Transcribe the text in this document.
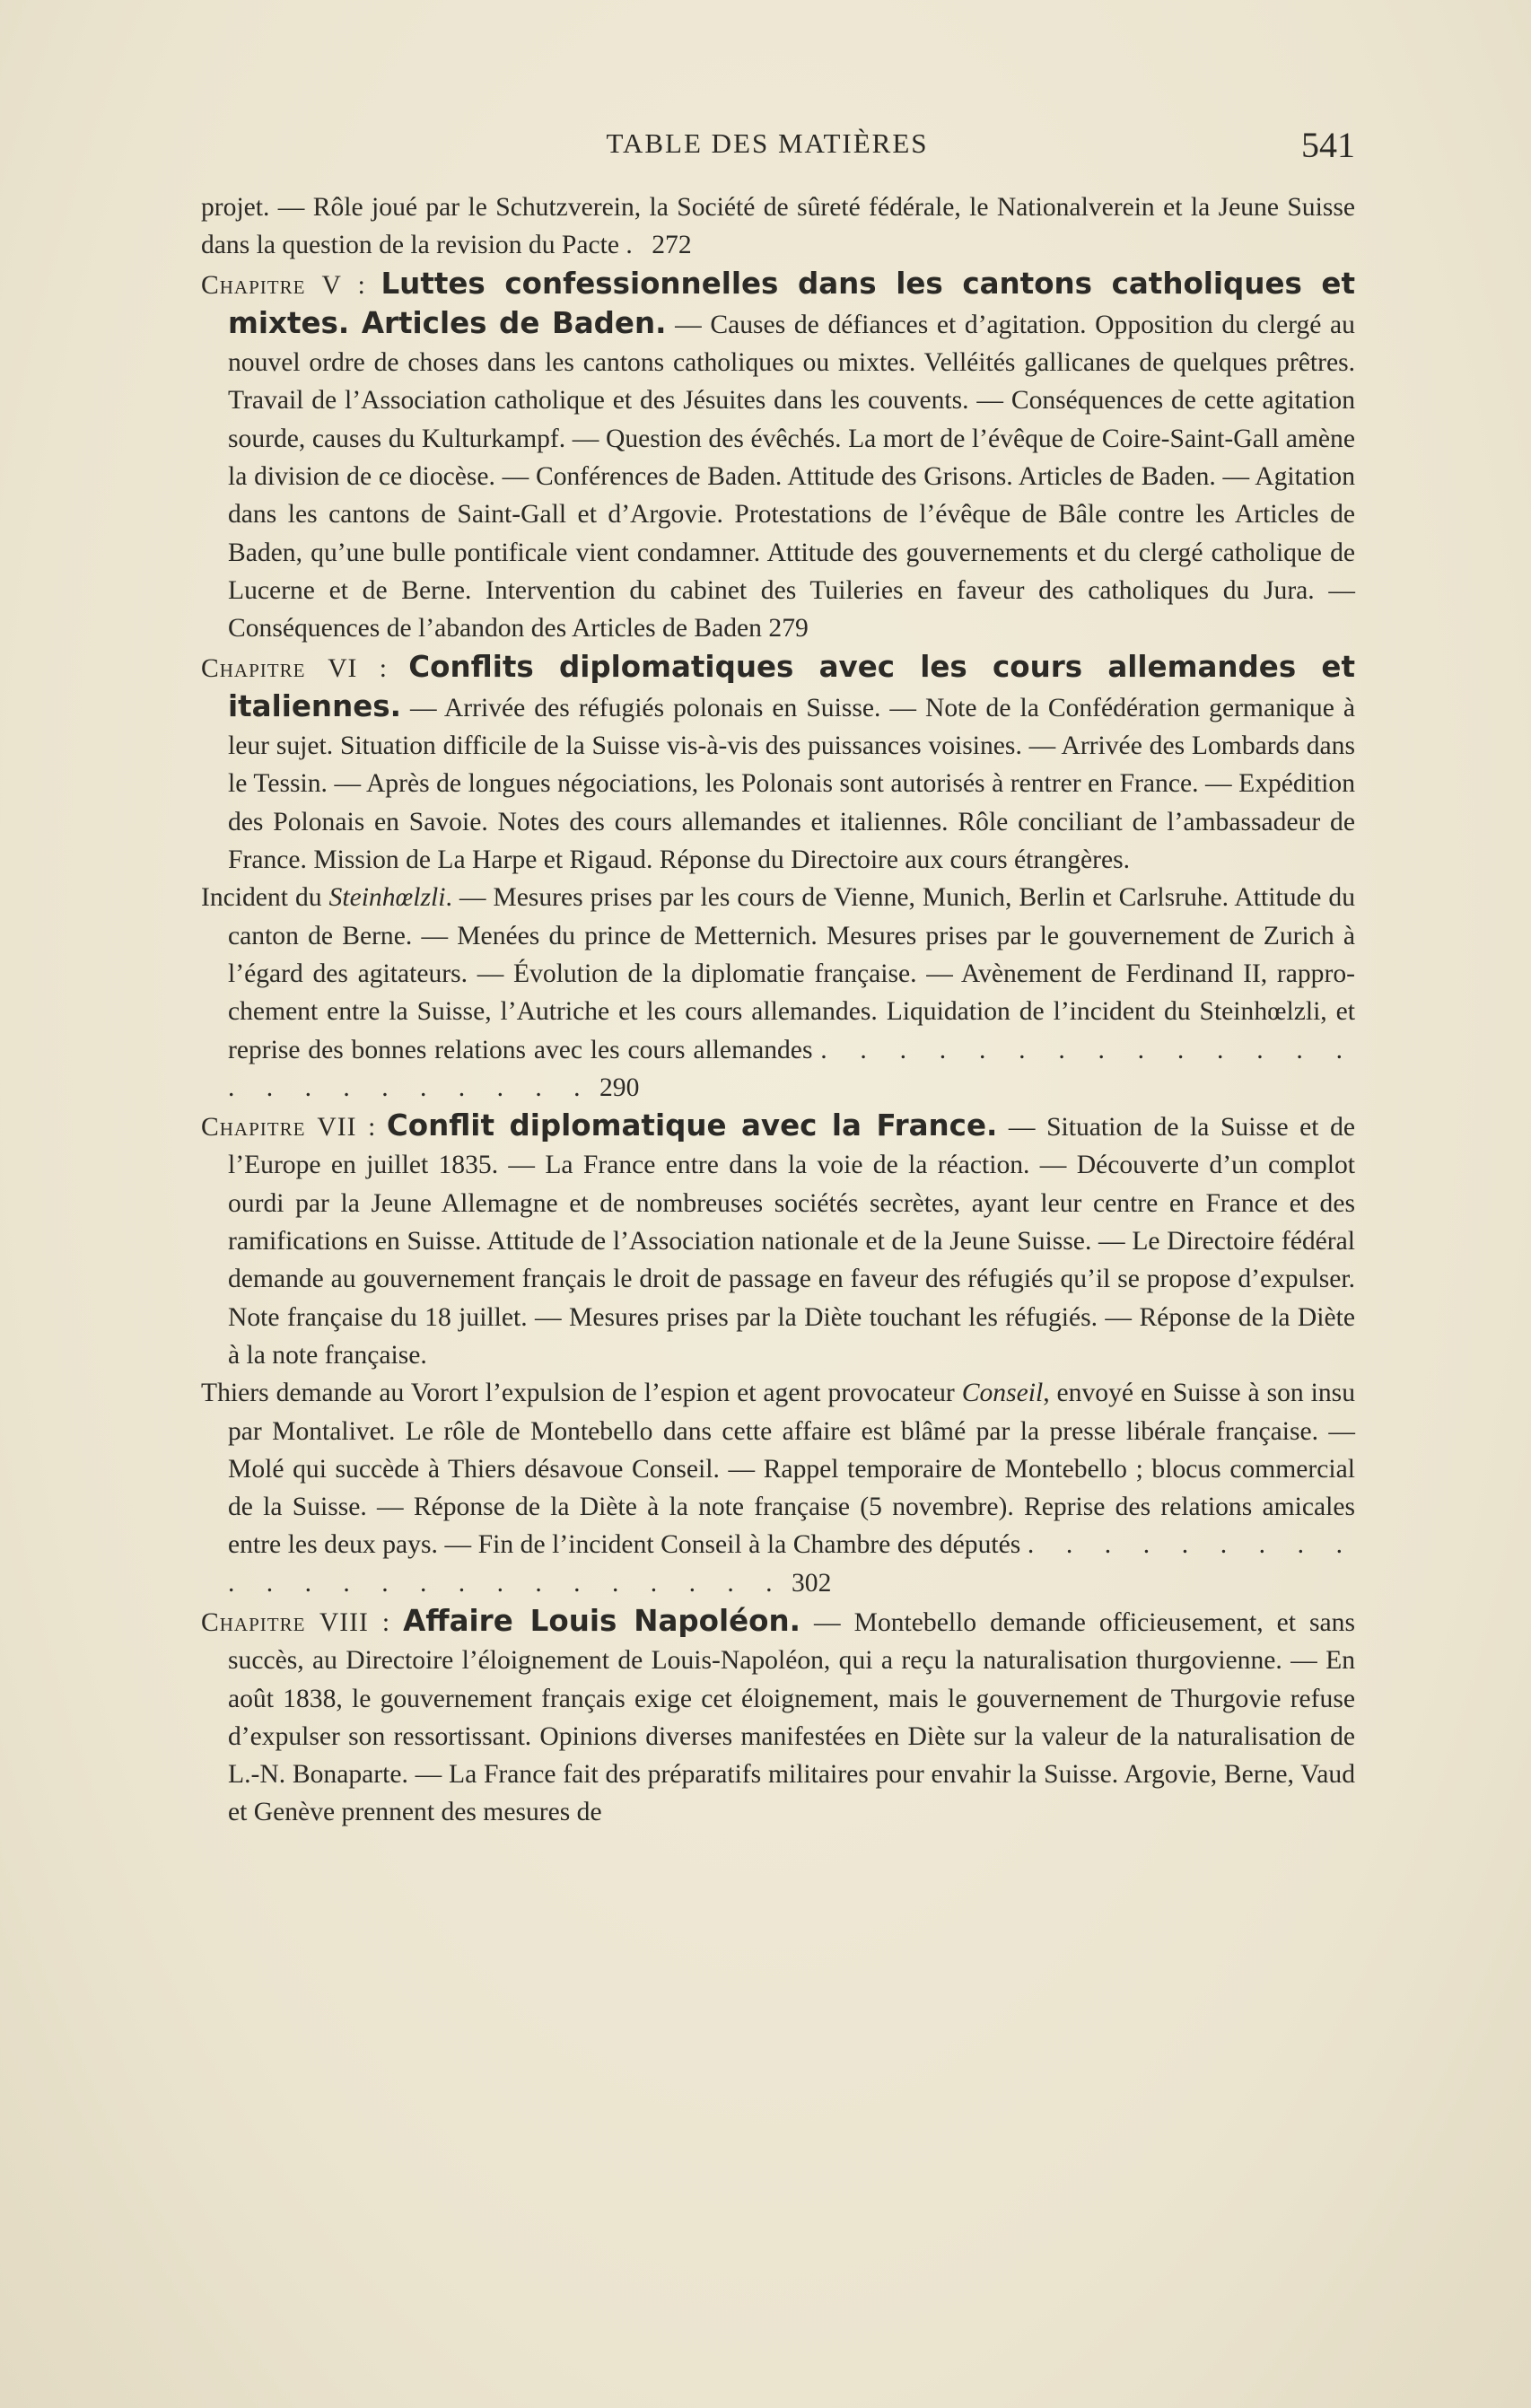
TABLE DES MATIÈRES	541

projet. — Rôle joué par le Schutzverein, la Société de sûreté fédérale, le Nationalverein et la Jeune Suisse dans la question de la revision du Pacte . 272

Chapitre V : Luttes confessionnelles dans les cantons catholiques et mixtes. Articles de Baden. — Causes de défiances et d’agitation. Opposition du clergé au nouvel ordre de choses dans les cantons catholiques ou mixtes. Velléités gallicanes de quelques prêtres. Travail de l’Association catholique et des Jésuites dans les couvents. — Conséquences de cette agitation sourde, causes du Kulturkampf. — Question des évêchés. La mort de l’évêque de Coire-Saint-Gall amène la division de ce diocèse. — Conférences de Baden. Attitude des Grisons. Articles de Baden. — Agitation dans les cantons de Saint-Gall et d’Argovie. Protestations de l’évêque de Bâle contre les Articles de Baden, qu’une bulle pontificale vient condamner. Attitude des gouvernements et du clergé catholique de Lucerne et de Berne. Intervention du cabinet des Tuileries en faveur des catholiques du Jura. — Conséquences de l’abandon des Articles de Baden 279

Chapitre VI : Conflits diplomatiques avec les cours allemandes et italiennes. — Arrivée des réfugiés polonais en Suisse. — Note de la Confédération germanique à leur sujet. Situation difficile de la Suisse vis-à-vis des puissances voisines. — Arrivée des Lombards dans le Tessin. — Après de longues négociations, les Polonais sont autorisés à rentrer en France. — Expédition des Polonais en Savoie. Notes des cours allemandes et italiennes. Rôle conciliant de l’ambassadeur de France. Mission de La Harpe et Rigaud. Réponse du Directoire aux cours étrangères.

Incident du Steinhœlzli. — Mesures prises par les cours de Vienne, Munich, Berlin et Carlsruhe. Attitude du canton de Berne. — Menées du prince de Metternich. Mesures prises par le gouvernement de Zurich à l’égard des agitateurs. — Évolution de la diplomatie française. — Avènement de Ferdinand II, rapprochement entre la Suisse, l’Autriche et les cours allemandes. Liquidation de l’incident du Steinhœlzli, et reprise des bonnes relations avec les cours allemandes . . . . . . . . . . . . . . . . . . . . . . . . 290

Chapitre VII : Conflit diplomatique avec la France. — Situation de la Suisse et de l’Europe en juillet 1835. — La France entre dans la voie de la réaction. — Découverte d’un complot ourdi par la Jeune Allemagne et de nombreuses sociétés secrètes, ayant leur centre en France et des ramifications en Suisse. Attitude de l’Association nationale et de la Jeune Suisse. — Le Directoire fédéral demande au gouvernement français le droit de passage en faveur des réfugiés qu’il se propose d’expulser. Note française du 18 juillet. — Mesures prises par la Diète touchant les réfugiés. — Réponse de la Diète à la note française.

Thiers demande au Vorort l’expulsion de l’espion et agent provocateur Conseil, envoyé en Suisse à son insu par Montalivet. Le rôle de Montebello dans cette affaire est blâmé par la presse libérale française. — Molé qui succède à Thiers désavoue Conseil. — Rappel temporaire de Montebello ; blocus commercial de la Suisse. — Réponse de la Diète à la note française (5 novembre). Reprise des relations amicales entre les deux pays. — Fin de l’incident Conseil à la Chambre des députés . . . . . . . . . . . . . . . . . . . . . . . . 302

Chapitre VIII : Affaire Louis Napoléon. — Montebello demande officieusement, et sans succès, au Directoire l’éloignement de Louis-Napoléon, qui a reçu la naturalisation thurgovienne. — En août 1838, le gouvernement français exige cet éloignement, mais le gouvernement de Thurgovie refuse d’expulser son ressortissant. Opinions diverses manifestées en Diète sur la valeur de la naturalisation de L.-N. Bonaparte. — La France fait des préparatifs militaires pour envahir la Suisse. Argovie, Berne, Vaud et Genève prennent des mesures de
